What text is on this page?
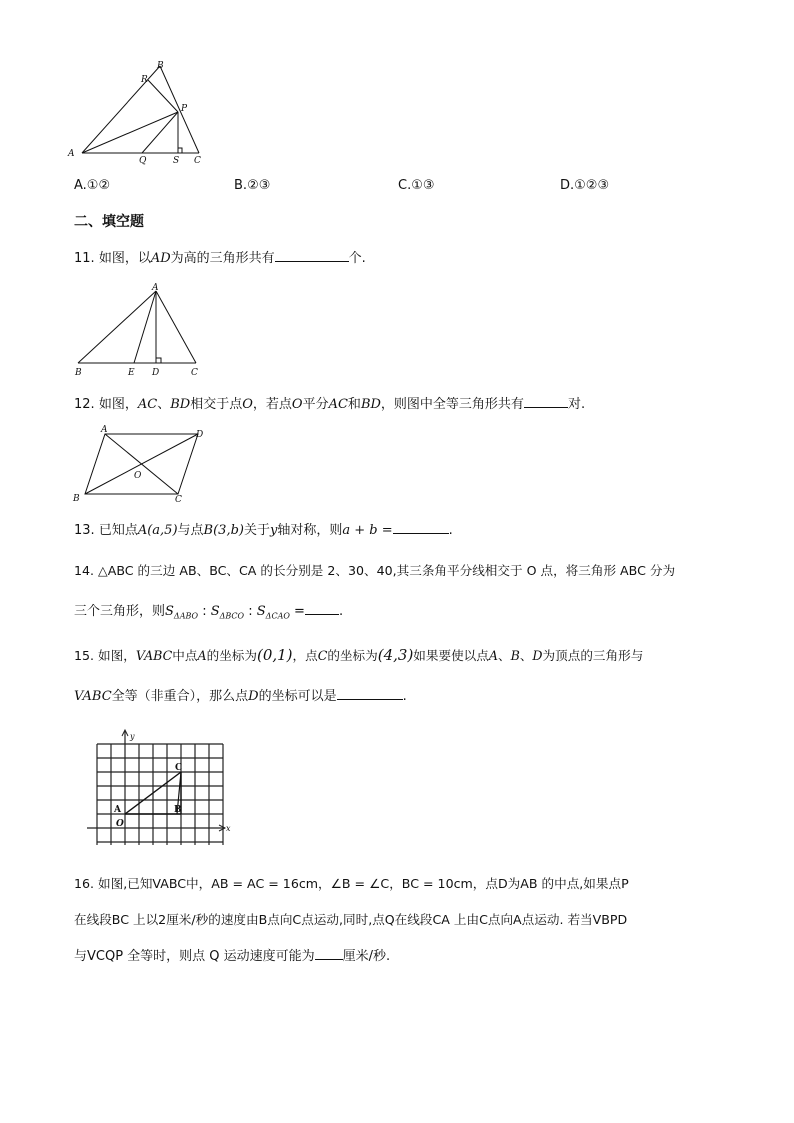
A
B
R
P
Q	S C
A.①②	B.②③	C.①③	D.①②③
二、填空题
11. 如图，以AD为高的三角形共有	个.
A
B	E D	C
12. 如图，AC、BD相交于点O，若点O平分AC和BD，则图中全等三角形共有	对.
A	D
O
B	C
13. 已知点A(a,5)与点B(3,b)关于y轴对称，则a + b =	.
14. △ABC 的三边 AB、BC、CA 的长分别是 2、30、40,其三条角平分线相交于 O 点，将三角形 ABC 分为
三个三角形，则$S_{\Delta ABO}$ : $S_{\Delta BCO}$ : $S_{\Delta CAO}$ =	.
15. 如图，VABC中点A的坐标为(0,1)，点C的坐标为(4,3)如果要使以点A、B、D为顶点的三角形与
VABC全等（非重合），那么点D的坐标可以是	.
y
x
C
A	B
O
16. 如图,已知VABC中，AB = AC = 16cm，∠B = ∠C，BC = 10cm，点D为AB 的中点,如果点P
在线段BC 上以2厘米/秒的速度由B点向C点运动,同时,点Q在线段CA 上由C点向A点运动. 若当VBPD
与VCQP 全等时，则点 Q 运动速度可能为 厘米/秒.
